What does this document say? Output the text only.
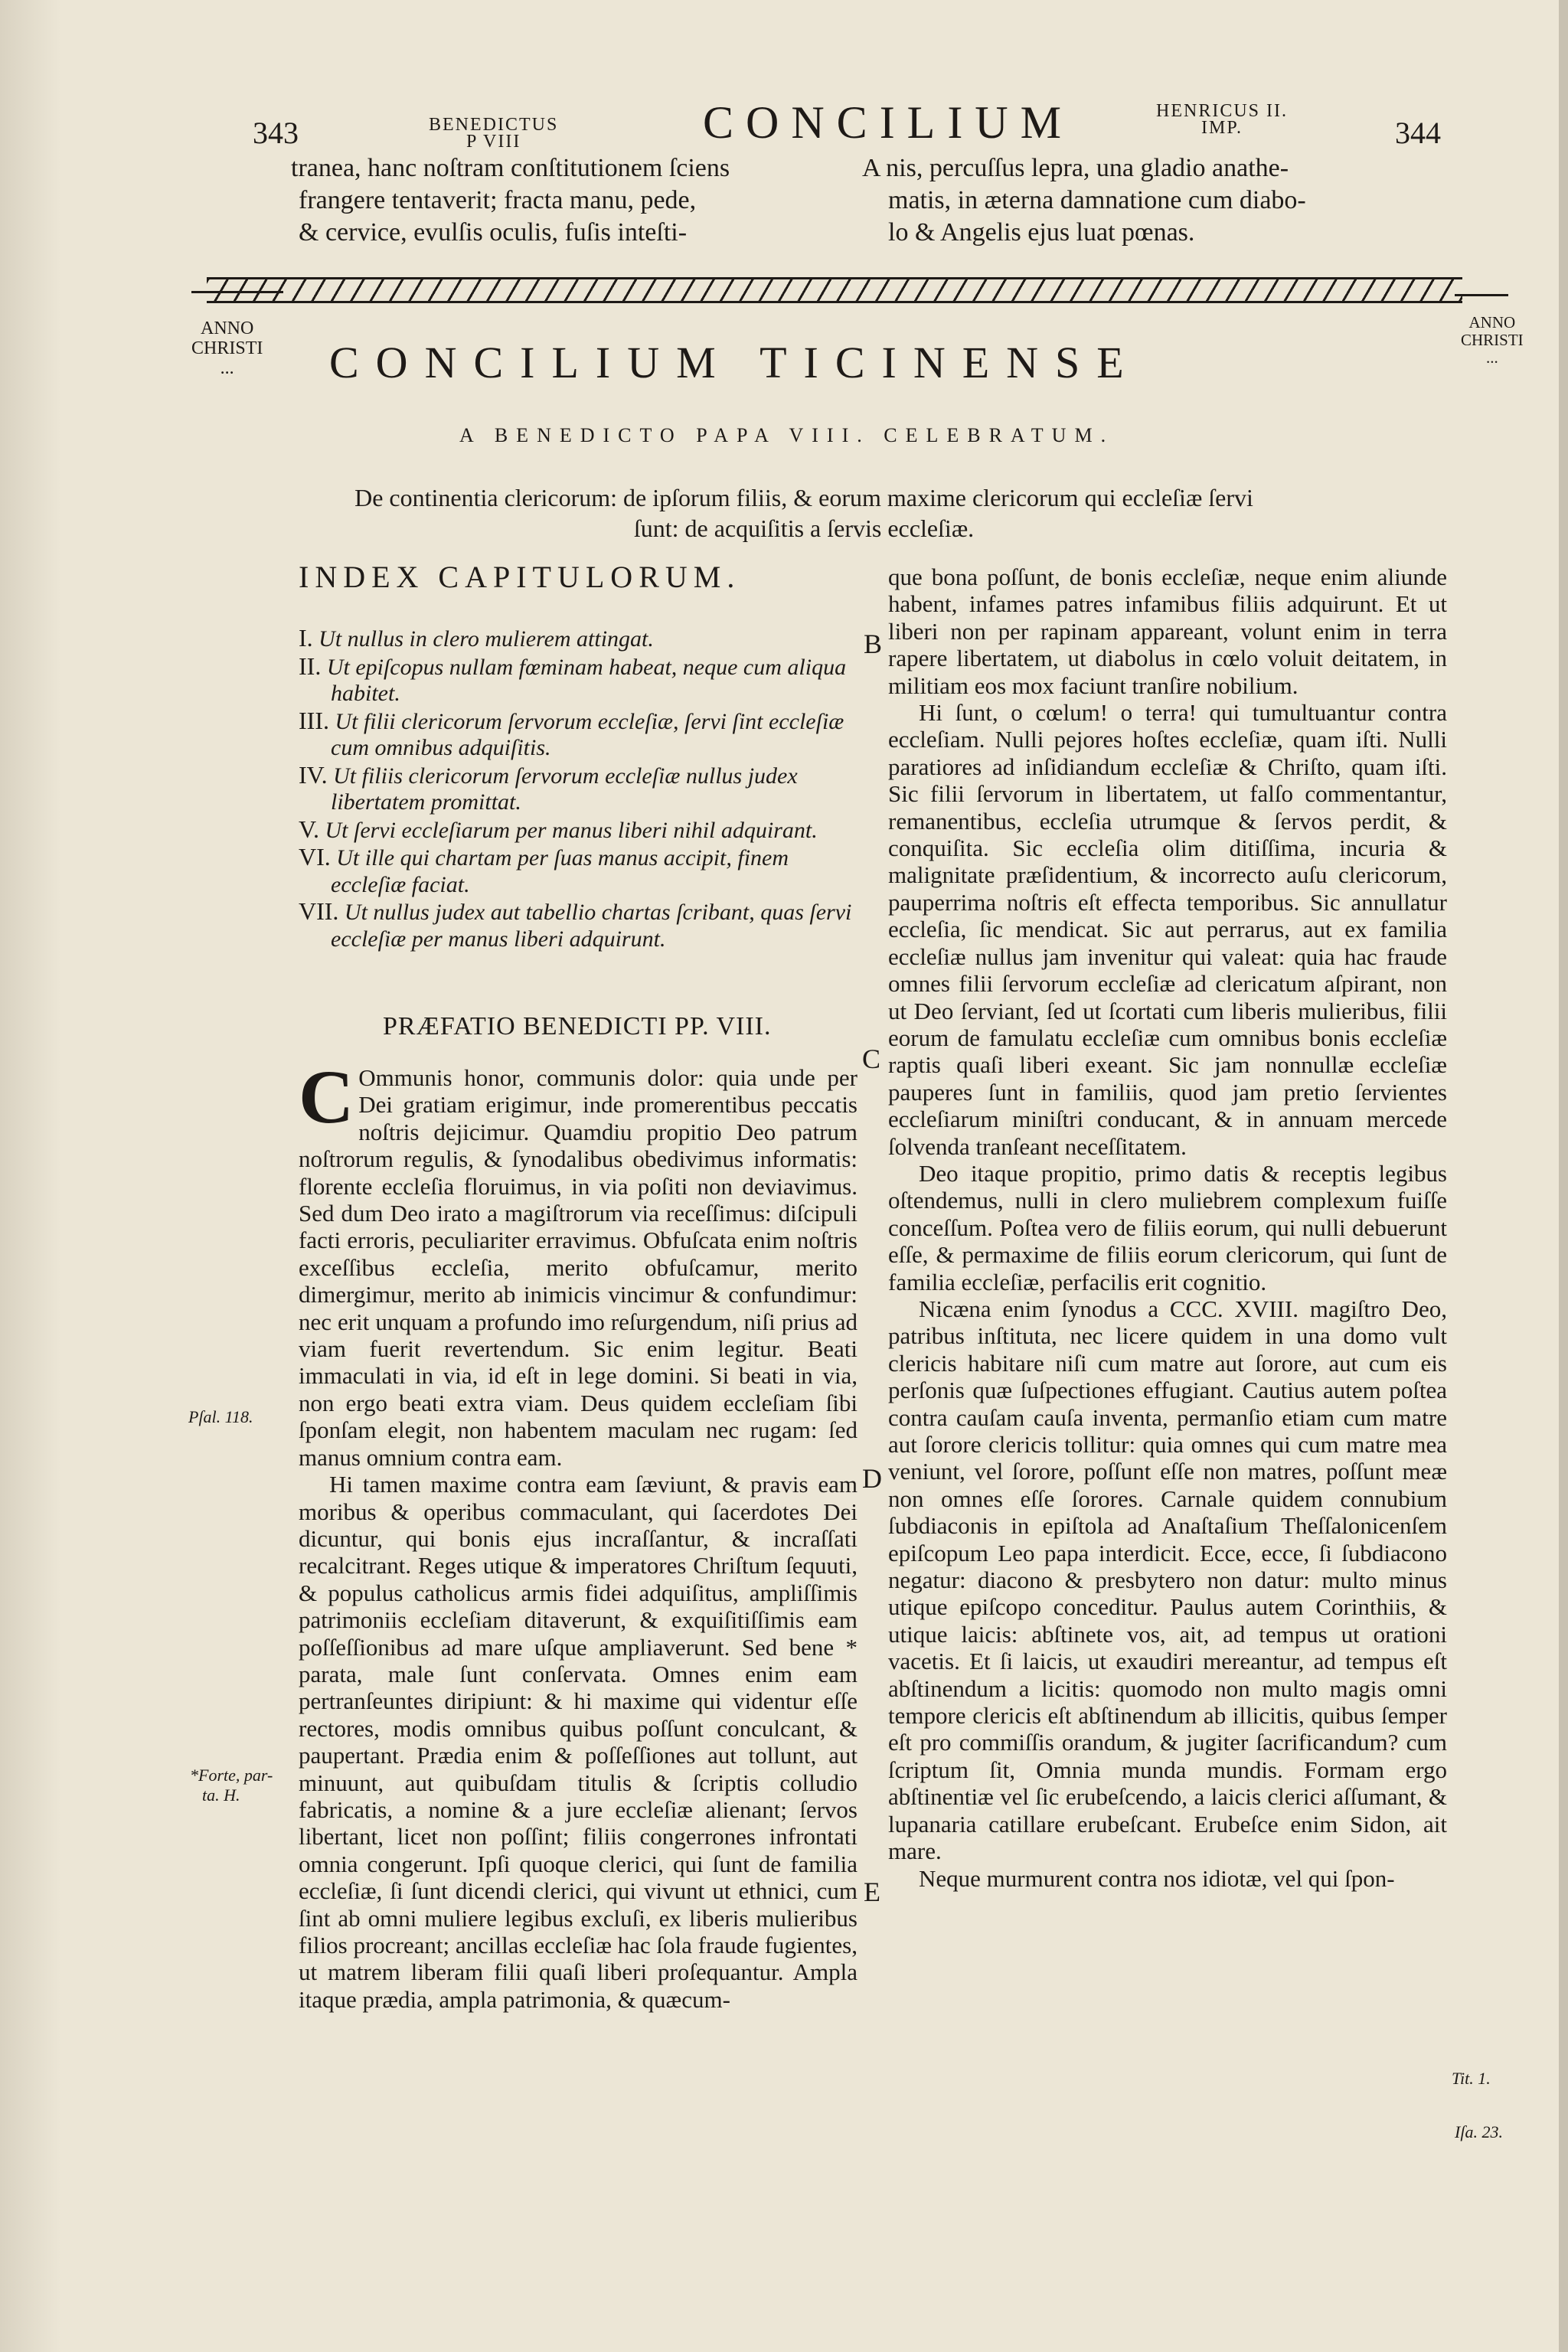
343	BENEDICTUS
P VIII	CONCILIUM	HENRICUS II.
IMP.	344
tranea, hanc noſtram conſtitutionem ſciens
frangere tentaverit; fracta manu, pede,
& cervice, evulſis oculis, fuſis inteſti-
A nis, percuſſus lepra, una gladio anathe-
matis, in æterna damnatione cum diabo-
lo & Angelis ejus luat pœnas.
ANNO
CHRISTI
...
ANNO
CHRISTI
...
CONCILIUM TICINENSE
A BENEDICTO PAPA VIII. CELEBRATUM.
De continentia clericorum: de ipſorum filiis, & eorum maxime clericorum qui eccleſiæ ſervi ſunt: de acquiſitis a ſervis eccleſiæ.
INDEX CAPITULORUM.
I. Ut nullus in clero mulierem attingat.
II. Ut epiſcopus nullam fœminam habeat, neque cum aliqua habitet.
III. Ut filii clericorum ſervorum eccleſiæ, ſervi ſint eccleſiæ cum omnibus adquiſitis.
IV. Ut filiis clericorum ſervorum eccleſiæ nullus judex libertatem promittat.
V. Ut ſervi eccleſiarum per manus liberi nihil adquirant.
VI. Ut ille qui chartam per ſuas manus accipit, finem eccleſiæ faciat.
VII. Ut nullus judex aut tabellio chartas ſcribant, quas ſervi eccleſiæ per manus liberi adquirunt.
PRÆFATIO BENEDICTI PP. VIII.

C Ommunis honor, communis dolor: quia unde per Dei gratiam erigimur, inde promerentibus peccatis noſtris dejicimur. Quamdiu propitio Deo patrum noſtrorum regulis, & ſynodalibus obedivimus informatis: florente eccleſia floruimus, in via poſiti non deviavimus. Sed dum Deo irato a magiſtrorum via receſſimus: diſcipuli facti erroris, peculiariter erravimus. Obfuſcata enim noſtris exceſſibus eccleſia, merito obfuſcamur, merito dimergimur, merito ab inimicis vincimur & confundimur: nec erit unquam a profundo imo reſurgendum, niſi prius ad viam fuerit revertendum. Sic enim legitur. Beati immaculati in via, id eſt in lege domini. Si beati in via, non ergo beati extra viam. Deus quidem eccleſiam ſibi ſponſam elegit, non habentem maculam nec rugam: ſed manus omnium contra eam.

Hi tamen maxime contra eam ſæviunt, & pravis eam moribus & operibus commaculant, qui ſacerdotes Dei dicuntur, qui bonis ejus incraſſantur, & incraſſati recalcitrant. Reges utique & imperatores Chriſtum ſequuti, & populus catholicus armis fidei adquiſitus, ampliſſimis patrimoniis eccleſiam ditaverunt, & exquiſitiſſimis eam poſſeſſionibus ad mare uſque ampliaverunt. Sed bene * parata, male ſunt conſervata. Omnes enim eam pertranſeuntes diripiunt: & hi maxime qui videntur eſſe rectores, modis omnibus quibus poſſunt conculcant, & paupertant. Prædia enim & poſſeſſiones aut tollunt, aut minuunt, aut quibuſdam titulis & ſcriptis colludio fabricatis, a nomine & a jure eccleſiæ alienant; ſervos libertant, licet non poſſint; filiis congerrones infrontati omnia congerunt. Ipſi quoque clerici, qui ſunt de familia eccleſiæ, ſi ſunt dicendi clerici, qui vivunt ut ethnici, cum ſint ab omni muliere legibus excluſi, ex liberis mulieribus filios procreant; ancillas eccleſiæ hac ſola fraude fugientes, ut matrem liberam filii quaſi liberi proſequantur. Ampla itaque prædia, ampla patrimonia, & quæcum-

que bona poſſunt, de bonis eccleſiæ, neque enim aliunde habent, infames patres infamibus filiis adquirunt. Et ut liberi non per rapinam appareant, volunt enim in terra rapere libertatem, ut diabolus in cœlo voluit deitatem, in militiam eos mox faciunt tranſire nobilium.

Hi ſunt, o cœlum! o terra! qui tumultuantur contra eccleſiam. Nulli pejores hoſtes eccleſiæ, quam iſti. Nulli paratiores ad inſidiandum eccleſiæ & Chriſto, quam iſti. Sic filii ſervorum in libertatem, ut falſo commentantur, remanentibus, eccleſia utrumque & ſervos perdit, & conquiſita. Sic eccleſia olim ditiſſima, incuria & malignitate præſidentium, & incorrecto auſu clericorum, pauperrima noſtris eſt effecta temporibus. Sic annullatur eccleſia, ſic mendicat. Sic aut perrarus, aut ex familia eccleſiæ nullus jam invenitur qui valeat: quia hac fraude omnes filii ſervorum eccleſiæ ad clericatum aſpirant, non ut Deo ſerviant, ſed ut ſcortati cum liberis mulieribus, filii eorum de famulatu eccleſiæ cum omnibus bonis eccleſiæ raptis quaſi liberi exeant. Sic jam nonnullæ eccleſiæ pauperes ſunt in familiis, quod jam pretio ſervientes eccleſiarum miniſtri conducant, & in annuam mercede ſolvenda tranſeant neceſſitatem.

Deo itaque propitio, primo datis & receptis legibus oſtendemus, nulli in clero muliebrem complexum fuiſſe conceſſum. Poſtea vero de filiis eorum, qui nulli debuerunt eſſe, & permaxime de filiis eorum clericorum, qui ſunt de familia eccleſiæ, perfacilis erit cognitio.

Nicæna enim ſynodus a CCC. XVIII. magiſtro Deo, patribus inſtituta, nec licere quidem in una domo vult clericis habitare niſi cum matre aut ſorore, aut cum eis perſonis quæ ſuſpectiones effugiant. Cautius autem poſtea contra cauſam cauſa inventa, permanſio etiam cum matre aut ſorore clericis tollitur: quia omnes qui cum matre mea veniunt, vel ſorore, poſſunt eſſe non matres, poſſunt meæ non omnes eſſe ſorores. Carnale quidem connubium ſubdiaconis in epiſtola ad Anaſtaſium Theſſalonicenſem epiſcopum Leo papa interdicit. Ecce, ecce, ſi ſubdiacono negatur: diacono & presbytero non datur: multo minus utique epiſcopo conceditur. Paulus autem Corinthiis, & utique laicis: abſtinete vos, ait, ad tempus ut orationi vacetis. Et ſi laicis, ut exaudiri mereantur, ad tempus eſt abſtinendum a licitis: quomodo non multo magis omni tempore clericis eſt abſtinendum ab illicitis, quibus ſemper eſt pro commiſſis orandum, & jugiter ſacrificandum? cum ſcriptum ſit, Omnia munda mundis. Formam ergo abſtinentiæ vel ſic erubeſcendo, a laicis clerici aſſumant, & lupanaria catillare erubeſcant. Erubeſce enim Sidon, ait mare.

Neque murmurent contra nos idiotæ, vel qui ſpon-

B
C
D
E
Pſal. 118.
*Forte, par-
ta. H.
Tit. 1.
Iſa. 23.
